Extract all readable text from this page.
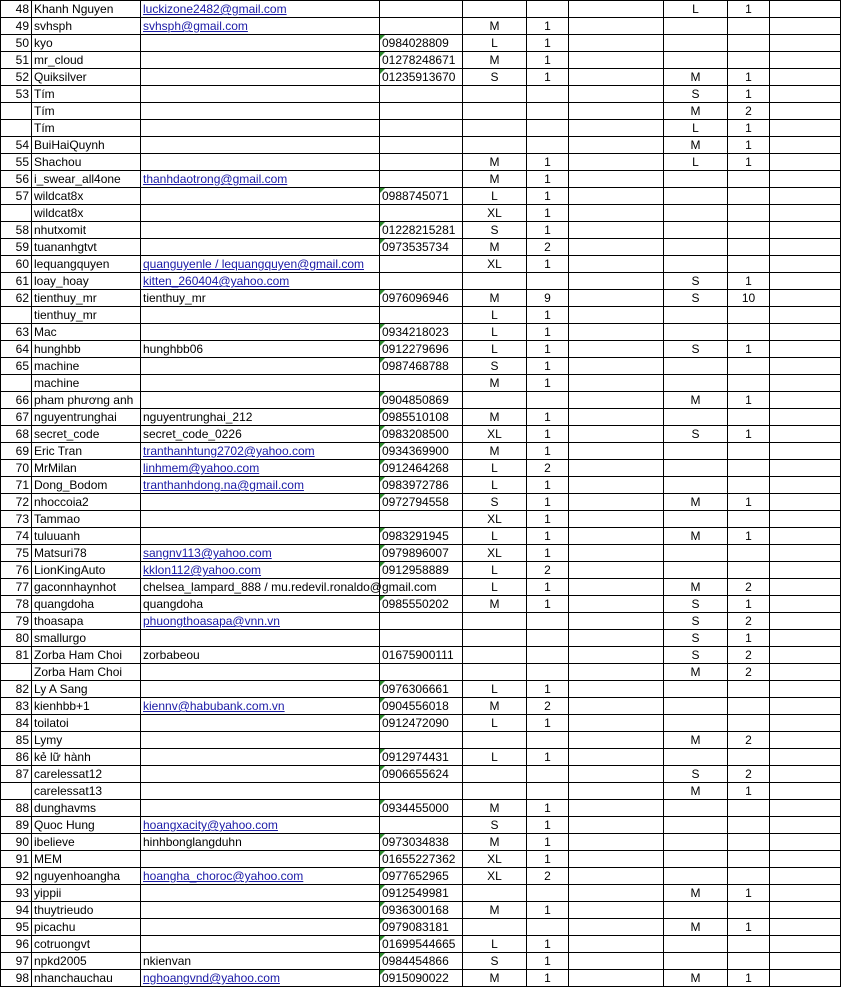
48	Khanh Nguyen	luckizone2482@gmail.com					L	1	
49	svhsph	svhsph@gmail.com		M	1				
50	kyo		0984028809	L	1				
51	mr_cloud		01278248671	M	1				
52	Quiksilver		01235913670	S	1		M	1	
53	Tím						S	1	
	Tím						M	2	
	Tím						L	1	
54	BuiHaiQuynh						M	1	
55	Shachou			M	1		L	1	
56	i_swear_all4one	thanhdaotrong@gmail.com		M	1				
57	wildcat8x		0988745071	L	1				
	wildcat8x			XL	1				
58	nhutxomit		01228215281	S	1				
59	tuananhgtvt		0973535734	M	2				
60	lequangquyen	quanguyenle / lequangquyen@gmail.com		XL	1				
61	loay_hoay	kitten_260404@yahoo.com					S	1	
62	tienthuy_mr	tienthuy_mr	0976096946	M	9		S	10	
	tienthuy_mr			L	1				
63	Mac		0934218023	L	1				
64	hunghbb	hunghbb06	0912279696	L	1		S	1	
65	machine		0987468788	S	1				
	machine			M	1				
66	pham phương anh		0904850869				M	1	
67	nguyentrunghai	nguyentrunghai_212	0985510108	M	1				
68	secret_code	secret_code_0226	0983208500	XL	1		S	1	
69	Eric Tran	tranthanhtung2702@yahoo.com	0934369900	M	1				
70	MrMilan	linhmem@yahoo.com	0912464268	L	2				
71	Dong_Bodom	tranthanhdong.na@gmail.com	0983972786	L	1				
72	nhoccoia2		0972794558	S	1		M	1	
73	Tammao			XL	1				
74	tuluuanh		0983291945	L	1		M	1	
75	Matsuri78	sangnv113@yahoo.com	0979896007	XL	1				
76	LionKingAuto	kklon112@yahoo.com	0912958889	L	2				
77	gaconnhaynhot	chelsea_lampard_888 / mu.redevil.ronaldo@gmail.com		L	1		M	2	
78	quangdoha	quangdoha	0985550202	M	1		S	1	
79	thoasapa	phuongthoasapa@vnn.vn					S	2	
80	smallurgo						S	1	
81	Zorba Ham Choi	zorbabeou	01675900111				S	2	
	Zorba Ham Choi						M	2	
82	Ly A Sang		0976306661	L	1				
83	kienhbb+1	kiennv@habubank.com.vn	0904556018	M	2				
84	toilatoi		0912472090	L	1				
85	Lymy						M	2	
86	kẻ lữ hành		0912974431	L	1				
87	carelessat12		0906655624				S	2	
	carelessat13						M	1	
88	dunghavms		0934455000	M	1				
89	Quoc Hung	hoangxacity@yahoo.com		S	1				
90	ibelieve	hinhbonglangduhn	0973034838	M	1				
91	MEM		01655227362	XL	1				
92	nguyenhoangha	hoangha_choroc@yahoo.com	0977652965	XL	2				
93	yippii		0912549981				M	1	
94	thuytrieudo		0936300168	M	1				
95	picachu		0979083181				M	1	
96	cotruongvt		01699544665	L	1				
97	npkd2005	nkienvan	0984454866	S	1				
98	nhanchauchau	nghoangvnd@yahoo.com	0915090022	M	1		M	1	
